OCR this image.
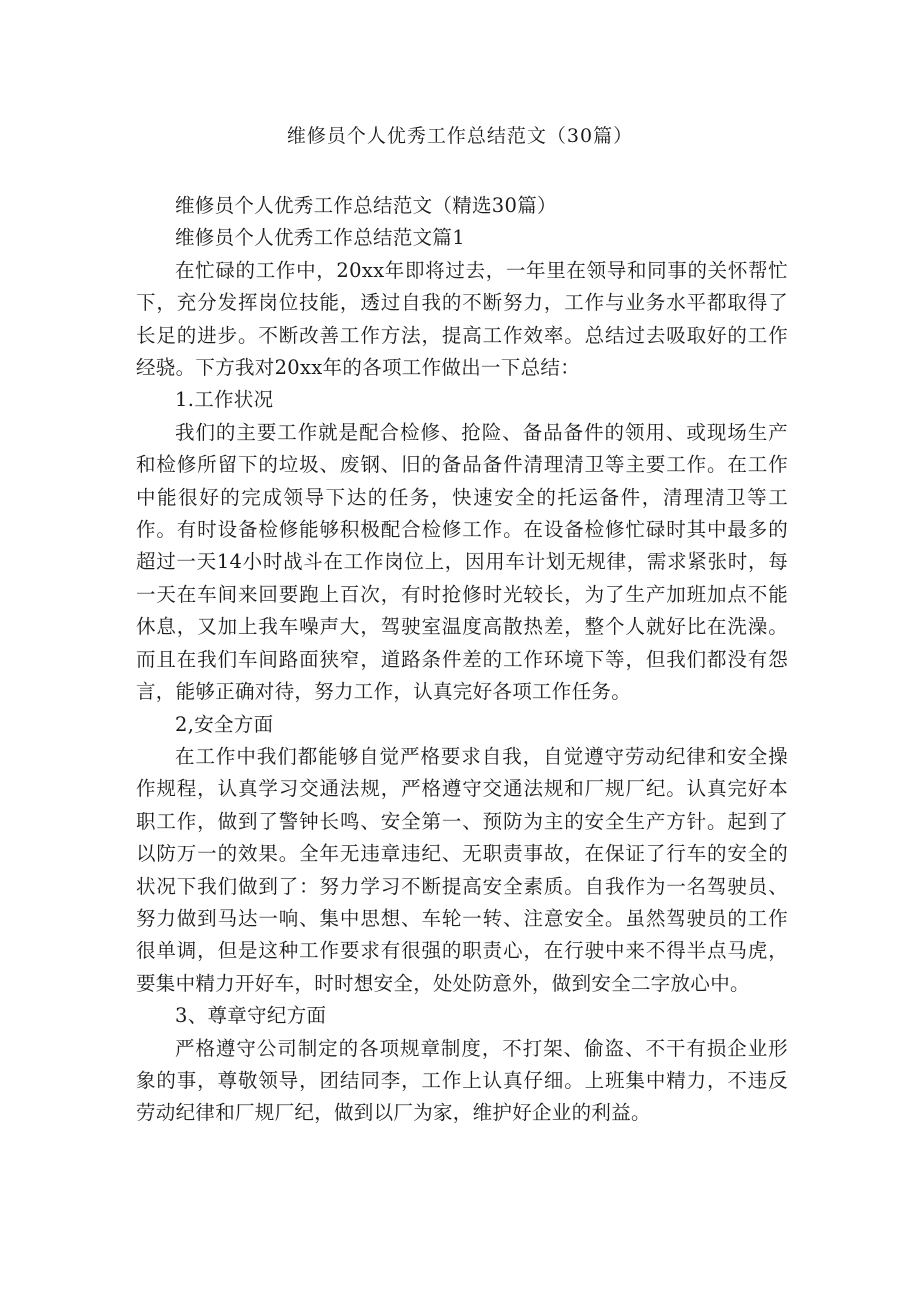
维修员个人优秀工作总结范文（30篇）

维修员个人优秀工作总结范文（精选30篇）

维修员个人优秀工作总结范文篇1

在忙碌的工作中，20xx年即将过去，一年里在领导和同事的关怀帮忙下，充分发挥岗位技能，透过自我的不断努力，工作与业务水平都取得了长足的进步。不断改善工作方法，提高工作效率。总结过去吸取好的工作经骁。下方我对20xx年的各项工作做出一下总结：

1.工作状况

我们的主要工作就是配合检修、抢险、备品备件的领用、或现场生产和检修所留下的垃圾、废钢、旧的备品备件清理清卫等主要工作。在工作中能很好的完成领导下达的任务，快速安全的托运备件，清理清卫等工作。有时设备检修能够积极配合检修工作。在设备检修忙碌时其中最多的超过一天14小时战斗在工作岗位上，因用车计划无规律，需求紧张时，每一天在车间来回要跑上百次，有时抢修时光较长，为了生产加班加点不能休息，又加上我车噪声大，驾驶室温度高散热差，整个人就好比在洗澡。而且在我们车间路面狭窄，道路条件差的工作环境下等，但我们都没有怨言，能够正确对待，努力工作，认真完好各项工作任务。

2,安全方面

在工作中我们都能够自觉严格要求自我，自觉遵守劳动纪律和安全操作规程，认真学习交通法规，严格遵守交通法规和厂规厂纪。认真完好本职工作，做到了警钟长鸣、安全第一、预防为主的安全生产方针。起到了以防万一的效果。全年无违章违纪、无职责事故，在保证了行车的安全的状况下我们做到了：努力学习不断提高安全素质。自我作为一名驾驶员、努力做到马达一响、集中思想、车轮一转、注意安全。虽然驾驶员的工作很单调，但是这种工作要求有很强的职责心，在行驶中来不得半点马虎，要集中精力开好车，时时想安全，处处防意外，做到安全二字放心中。

3、尊章守纪方面

严格遵守公司制定的各项规章制度，不打架、偷盗、不干有损企业形象的事，尊敬领导，团结同李，工作上认真仔细。上班集中精力，不违反劳动纪律和厂规厂纪，做到以厂为家，维护好企业的利益。
